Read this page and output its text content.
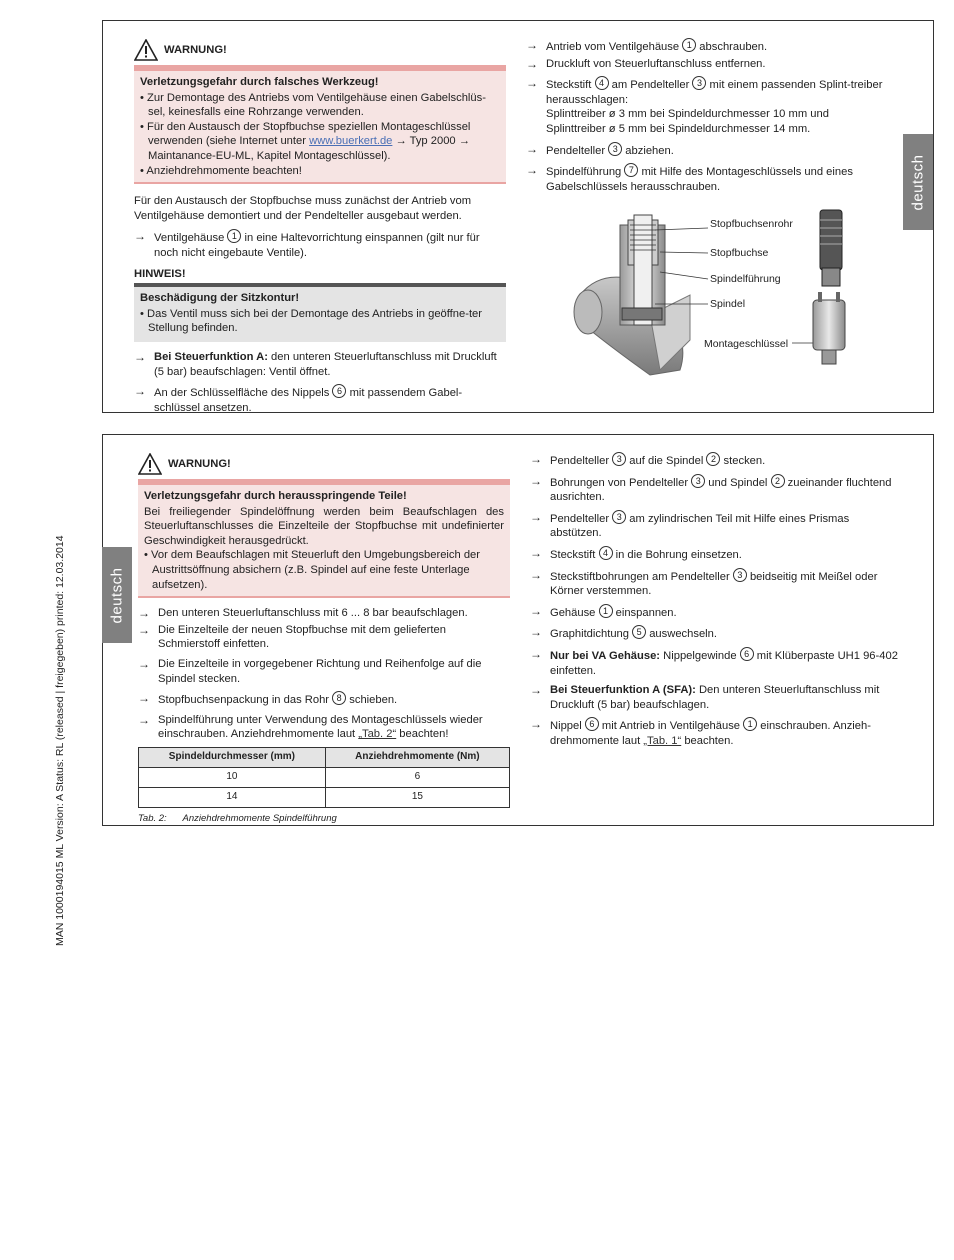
MAN 1000194015 ML Version: A Status: RL (released | freigegeben) printed: 12.03.2014
deutsch
WARNUNG!
Verletzungsgefahr durch falsches Werkzeug!
• Zur Demontage des Antriebs vom Ventilgehäuse einen Gabelschlüs-sel, keinesfalls eine Rohrzange verwenden.
• Für den Austausch der Stopfbuchse speziellen Montageschlüssel verwenden (siehe Internet unter www.buerkert.de → Typ 2000 → Maintanance-EU-ML, Kapitel Montageschlüssel).
• Anziehdrehmomente beachten!

Für den Austausch der Stopfbuchse muss zunächst der Antrieb vom Ventilgehäuse demontiert und der Pendelteller ausgebaut werden.

→ Ventilgehäuse 1 in eine Haltevorrichtung einspannen (gilt nur für noch nicht eingebaute Ventile).
HINWEIS!
Beschädigung der Sitzkontur!
• Das Ventil muss sich bei der Demontage des Antriebs in geöffne-ter Stellung befinden.
→ Bei Steuerfunktion A: den unteren Steuerluftanschluss mit Druckluft (5 bar) beaufschlagen: Ventil öffnet.
→ An der Schlüsselfläche des Nippels 6 mit passendem Gabel-schlüssel ansetzen.
→ Antrieb vom Ventilgehäuse 1 abschrauben.
→ Druckluft von Steuerluftanschluss entfernen.
→ Steckstift 4 am Pendelteller 3 mit einem passenden Splint-treiber herausschlagen:
Splinttreiber ø 3 mm bei Spindeldurchmesser 10 mm und
Splinttreiber ø 5 mm bei Spindeldurchmesser 14 mm.
→ Pendelteller 3 abziehen.
→ Spindelführung 7 mit Hilfe des Montageschlüssels und eines Gabelschlüssels herausschrauben.
Stopfbuchsenrohr
Stopfbuchse
Spindelführung
Spindel
Montageschlüssel
deutsch
WARNUNG!
Verletzungsgefahr durch herausspringende Teile!
Bei freiliegender Spindelöffnung werden beim Beaufschlagen des Steuerluftanschlusses die Einzelteile der Stopfbuchse mit undefinierter Geschwindigkeit herausgedrückt.
• Vor dem Beaufschlagen mit Steuerluft den Umgebungsbereich der Austrittsöffnung absichern (z.B. Spindel auf eine feste Unterlage aufsetzen).
→ Den unteren Steuerluftanschluss mit 6 ... 8 bar beaufschlagen.
→ Die Einzelteile der neuen Stopfbuchse mit dem gelieferten Schmierstoff einfetten.
→ Die Einzelteile in vorgegebener Richtung und Reihenfolge auf die Spindel stecken.
→ Stopfbuchsenpackung in das Rohr 8 schieben.
→ Spindelführung unter Verwendung des Montageschlüssels wieder einschrauben. Anziehdrehmomente laut „Tab. 2“ beachten!
Spindeldurchmesser (mm)	Anziehdrehmomente (Nm)
10	6
14	15
Tab. 2: Anziehdrehmomente Spindelführung
→ Pendelteller 3 auf die Spindel 2 stecken.
→ Bohrungen von Pendelteller 3 und Spindel 2 zueinander fluchtend ausrichten.
→ Pendelteller 3 am zylindrischen Teil mit Hilfe eines Prismas abstützen.
→ Steckstift 4 in die Bohrung einsetzen.
→ Steckstiftbohrungen am Pendelteller 3 beidseitig mit Meißel oder Körner verstemmen.
→ Gehäuse 1 einspannen.
→ Graphitdichtung 5 auswechseln.
→ Nur bei VA Gehäuse: Nippelgewinde 6 mit Klüberpaste UH1 96-402 einfetten.
→ Bei Steuerfunktion A (SFA): Den unteren Steuerluftanschluss mit Druckluft (5 bar) beaufschlagen.
→ Nippel 6 mit Antrieb in Ventilgehäuse 1 einschrauben. Anzieh-drehmomente laut „Tab. 1“ beachten.
